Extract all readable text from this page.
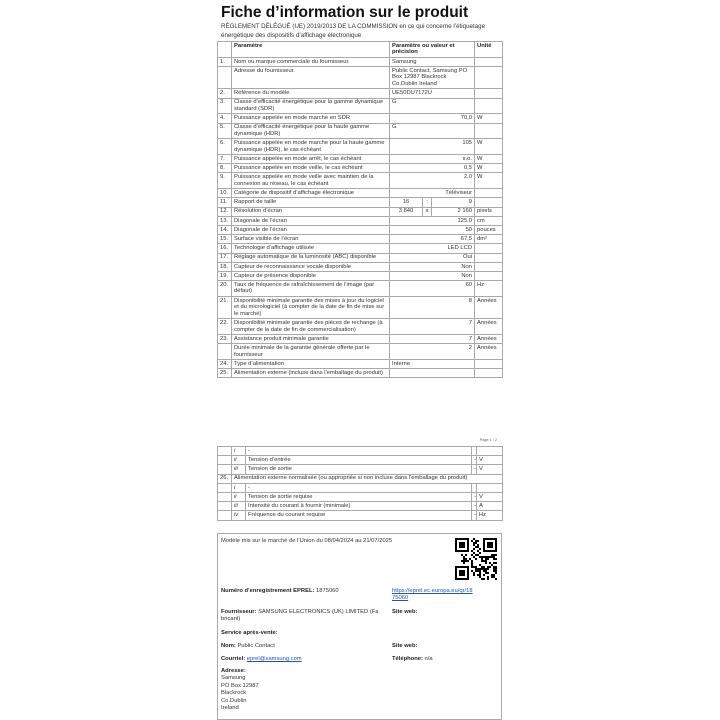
Fiche d’information sur le produit
RÈGLEMENT DÉLÉGUÉ (UE) 2019/2013 DE LA COMMISSION en ce qui concerne l’étiquetage énergétique des dispositifs d’affichage électronique
	Paramètre	Paramètre ou valeur et précision			Unité
1.	Nom ou marque commerciale du fournisseur.	Samsung			
	Adresse du fournisseur.	Public Contact, Samsung PO Box 12987 Blackrock Co.Dublin Ireland			
2.	Référence du modèle	UE50DU7172U			
3.	Classe d’efficacité énergétique pour la gamme dynamique standard (SDR)	G			
4.	Puissance appelée en mode marche en SDR	70,0			W
5.	Classe d’efficacité énergétique pour la haute gamme dynamique (HDR)	G			
6.	Puissance appelée en mode marche pour la haute gamme dynamique (HDR), le cas échéant	105			W
7.	Puissance appelée en mode arrêt, le cas échéant	s.o.			W
8.	Puissance appelée en mode veille, le cas échéant	0,5			W
9.	Puissance appelée en mode veille avec maintien de la connexion au réseau, le cas échéant	2,0			W
10.	Catégorie de dispositif d’affichage électronique	Téléviseur			
11.	Rapport de taille	16	:	9	
12.	Résolution d’écran	3 840	x	2 160	pixels
13.	Diagonale de l’écran	125,0			cm
14.	Diagonale de l’écran	50			pouces
15.	Surface visible de l’écran	67,5			dm²
16.	Technologie d’affichage utilisée	LED LCD			
17.	Réglage automatique de la luminosité (ABC) disponible	Oui			
18.	Capteur de reconnaissance vocale disponible	Non			
19.	Capteur de présence disponible	Non			
20.	Taux de fréquence de rafraîchissement de l’image (par défaut)	60			Hz
21.	Disponibilité minimale garantie des mises à jour du logiciel et du micrologiciel (à compter de la date de fin de mise sur le marché)	8			Années
22.	Disponibilité minimale garantie des pièces de rechange (à compter de la date de fin de commercialisation)	7			Années
23.	Assistance produit minimale garantie	7			Années
	Durée minimale de la garantie générale offerte par le fournisseur	2			Années
24.	Type d’alimentation	Interne			
25.	Alimentation externe (incluse dans l’emballage du produit)				
Page 1 / 2
	i	-		
	ii	Tension d’entrée	-	V
	iii	Tension de sortie	-	V
26.	Alimentation externe normalisée (ou appropriée si non incluse dans l’emballage du produit)			
	i	-		
	ii	Tension de sortie requise	-	V
	iii	Intensité du courant à fournir (minimale)	-	A
	iv	Fréquence du courant requise	-	Hz
Modèle mis sur le marché de l’Union du 08/04/2024 au 21/07/2025
Numéro d’enregistrement EPREL: 1875060	https://eprel.ec.europa.eu/qr/18
75060
Fournisseur: SAMSUNG ELECTRONICS (UK) LIMITED (Fa
bricant)
Site web:
Service après-vente:
Site web:
Nom: Public Contact
Courriel: eprel@samsung.com	Téléphone: n/a
Adresse:
Samsung
PO Box 12987
Blackrock
Co.Dublin
Ireland
